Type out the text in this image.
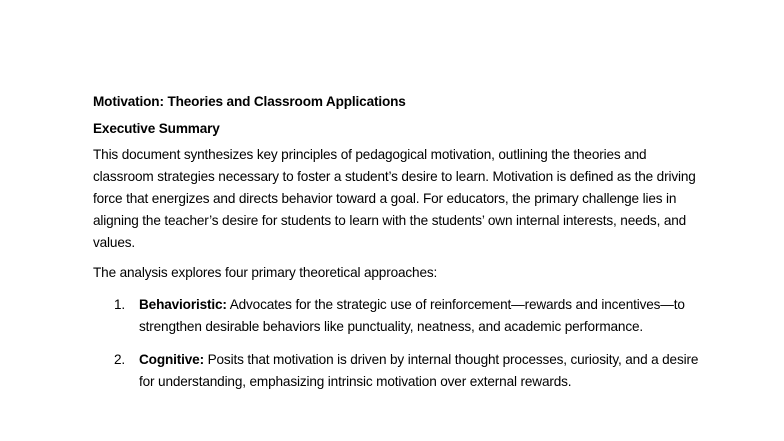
Motivation: Theories and Classroom Applications

Executive Summary

This document synthesizes key principles of pedagogical motivation, outlining the theories and classroom strategies necessary to foster a student’s desire to learn. Motivation is defined as the driving force that energizes and directs behavior toward a goal. For educators, the primary challenge lies in aligning the teacher’s desire for students to learn with the students’ own internal interests, needs, and values.

The analysis explores four primary theoretical approaches:

1. Behavioristic: Advocates for the strategic use of reinforcement—rewards and incentives—to strengthen desirable behaviors like punctuality, neatness, and academic performance.
2. Cognitive: Posits that motivation is driven by internal thought processes, curiosity, and a desire for understanding, emphasizing intrinsic motivation over external rewards.
